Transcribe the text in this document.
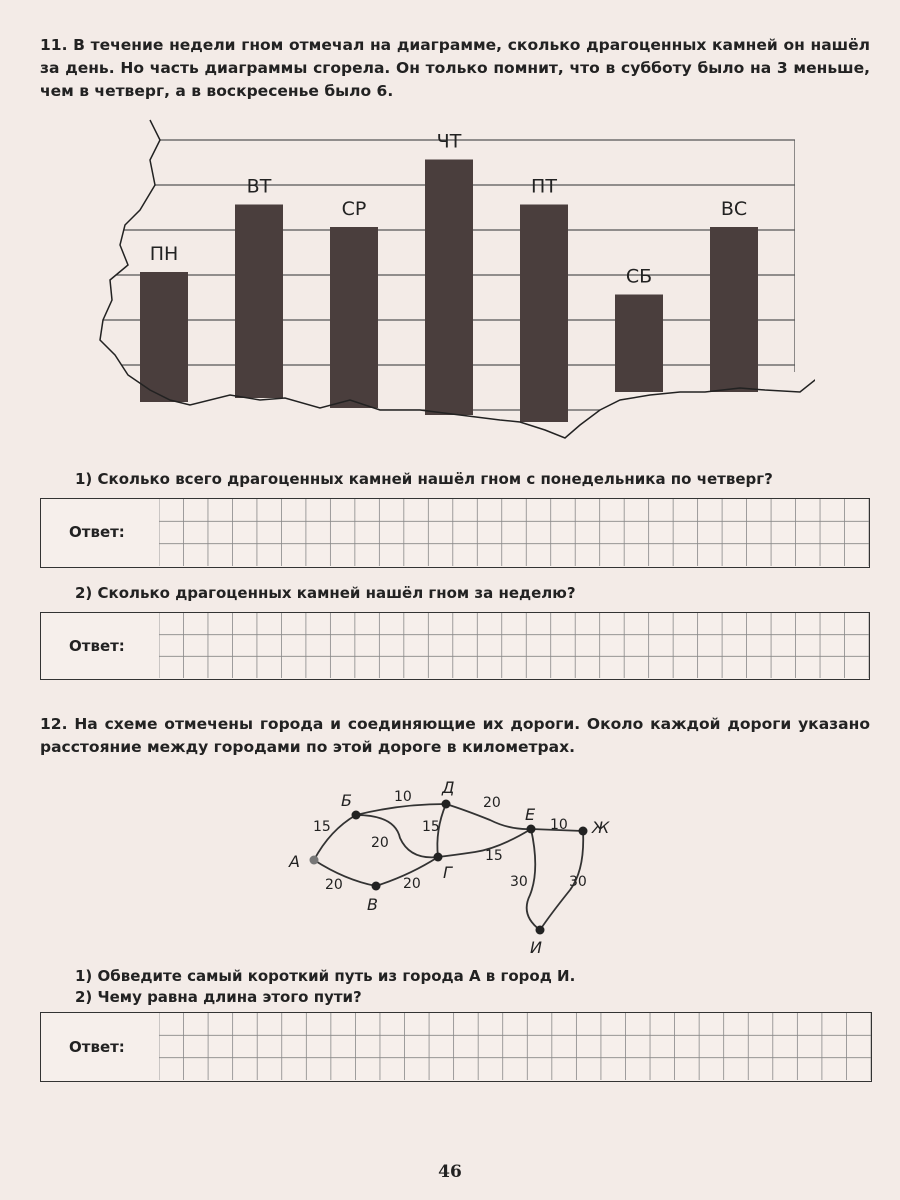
11. В течение недели гном отмечал на диаграмме, сколько драгоценных камней он нашёл за день. Но часть диаграммы сгорела. Он только помнит, что в субботу было на 3 меньше, чем в четверг, а в воскресенье было 6.

ПН
ВТ
СР
ЧТ
ПТ
СБ
ВС

1) Сколько всего драгоценных камней нашёл гном с понедельника по четверг?

Ответ:

2) Сколько драгоценных камней нашёл гном за неделю?

Ответ:

12. На схеме отмечены города и соединяющие их дороги. Около каждой дороги указано расстояние между городами по этой дороге в километрах.

А
Б
В
Г
Д
Е
Ж
И
15
20
10
20
20
15
20
15
10
30	30

1) Обведите самый короткий путь из города А в город И.

2) Чему равна длина этого пути?

Ответ:
46
